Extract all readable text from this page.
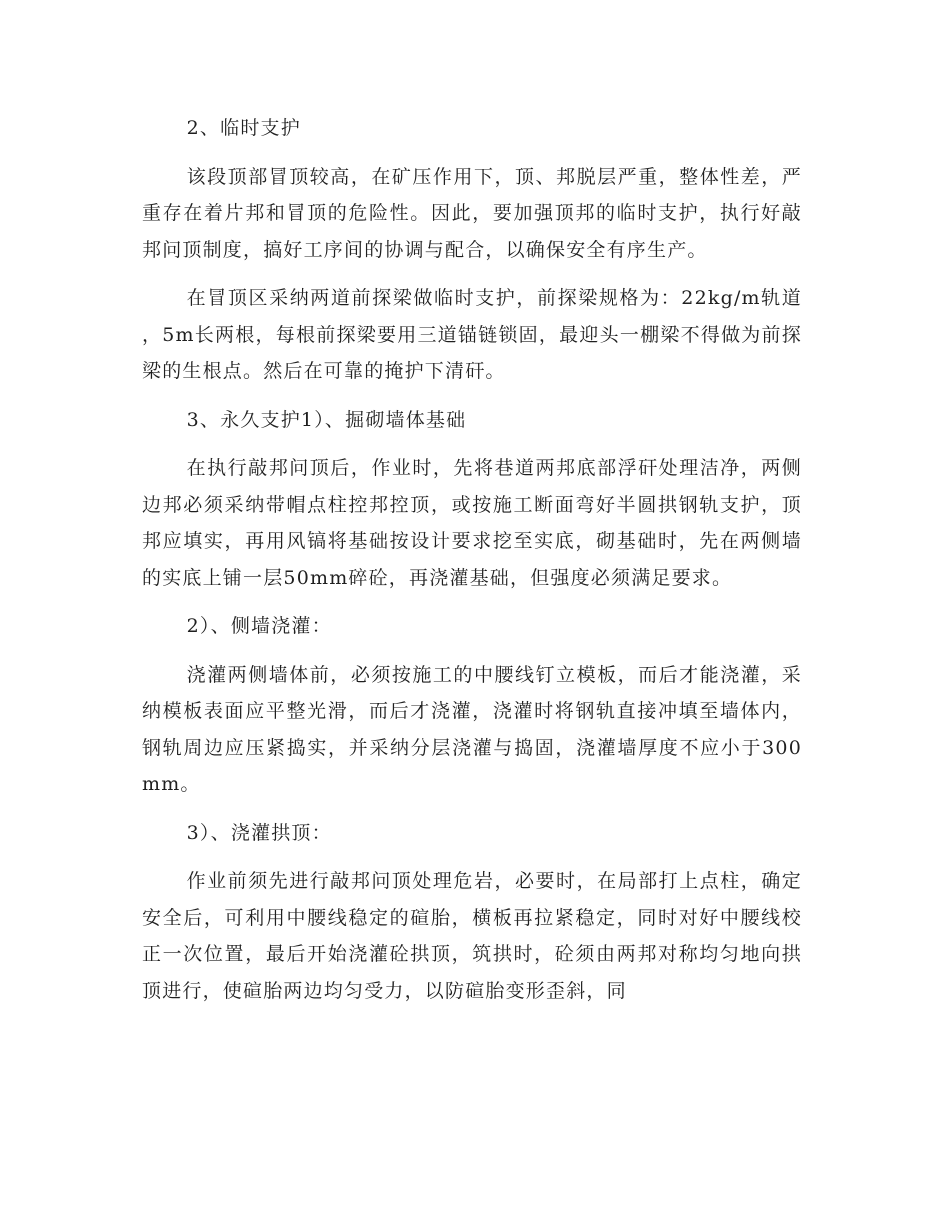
2、临时支护

该段顶部冒顶较高，在矿压作用下，顶、邦脱层严重，整体性差，严重存在着片邦和冒顶的危险性。因此，要加强顶邦的临时支护，执行好敲邦问顶制度，搞好工序间的协调与配合，以确保安全有序生产。

在冒顶区采纳两道前探梁做临时支护，前探梁规格为：22kg/m轨道，5m长两根，每根前探梁要用三道锚链锁固，最迎头一棚梁不得做为前探梁的生根点。然后在可靠的掩护下清矸。

3、永久支护1）、掘砌墙体基础

在执行敲邦问顶后，作业时，先将巷道两邦底部浮矸处理洁净，两侧边邦必须采纳带帽点柱控邦控顶，或按施工断面弯好半圆拱钢轨支护，顶邦应填实，再用风镐将基础按设计要求挖至实底，砌基础时，先在两侧墙的实底上铺一层50mm碎砼，再浇灌基础，但强度必须满足要求。

2）、侧墙浇灌：

浇灌两侧墙体前，必须按施工的中腰线钉立模板，而后才能浇灌，采纳模板表面应平整光滑，而后才浇灌，浇灌时将钢轨直接冲填至墙体内，钢轨周边应压紧捣实，并采纳分层浇灌与捣固，浇灌墙厚度不应小于300mm。

3）、浇灌拱顶：

作业前须先进行敲邦问顶处理危岩，必要时，在局部打上点柱，确定安全后，可利用中腰线稳定的碹胎，横板再拉紧稳定，同时对好中腰线校正一次位置，最后开始浇灌砼拱顶，筑拱时，砼须由两邦对称均匀地向拱顶进行，使碹胎两边均匀受力，以防碹胎变形歪斜，同
